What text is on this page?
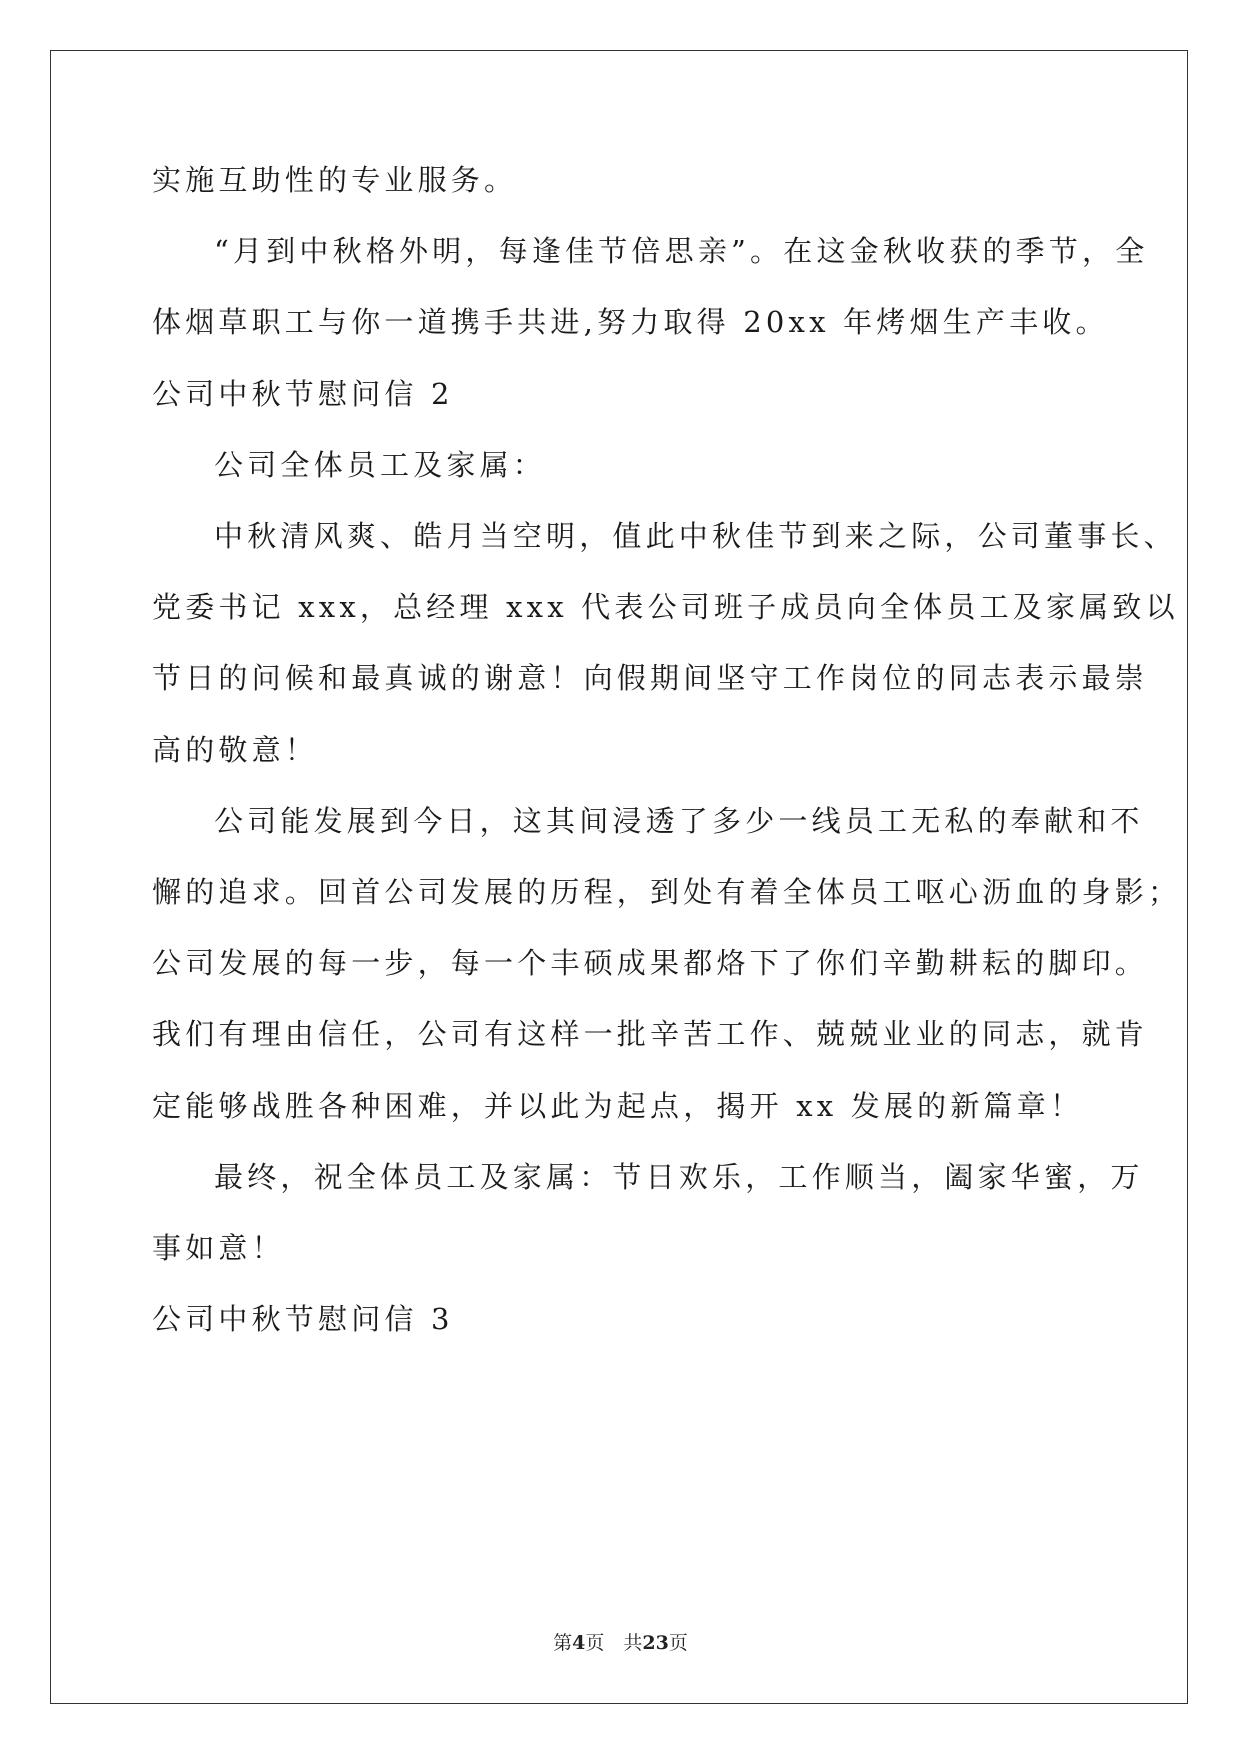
实施互助性的专业服务。
“月到中秋格外明，每逢佳节倍思亲”。在这金秋收获的季节，全
体烟草职工与你一道携手共进,努力取得 20xx 年烤烟生产丰收。
公司中秋节慰问信 2
公司全体员工及家属：
中秋清风爽、皓月当空明，值此中秋佳节到来之际，公司董事长、
党委书记 xxx，总经理 xxx 代表公司班子成员向全体员工及家属致以
节日的问候和最真诚的谢意！向假期间坚守工作岗位的同志表示最崇
高的敬意！
公司能发展到今日，这其间浸透了多少一线员工无私的奉献和不
懈的追求。回首公司发展的历程，到处有着全体员工呕心沥血的身影；
公司发展的每一步，每一个丰硕成果都烙下了你们辛勤耕耘的脚印。
我们有理由信任，公司有这样一批辛苦工作、兢兢业业的同志，就肯
定能够战胜各种困难，并以此为起点，揭开 xx 发展的新篇章！
最终，祝全体员工及家属：节日欢乐，工作顺当，阖家华蜜，万
事如意！
公司中秋节慰问信 3
第4页　共23页
